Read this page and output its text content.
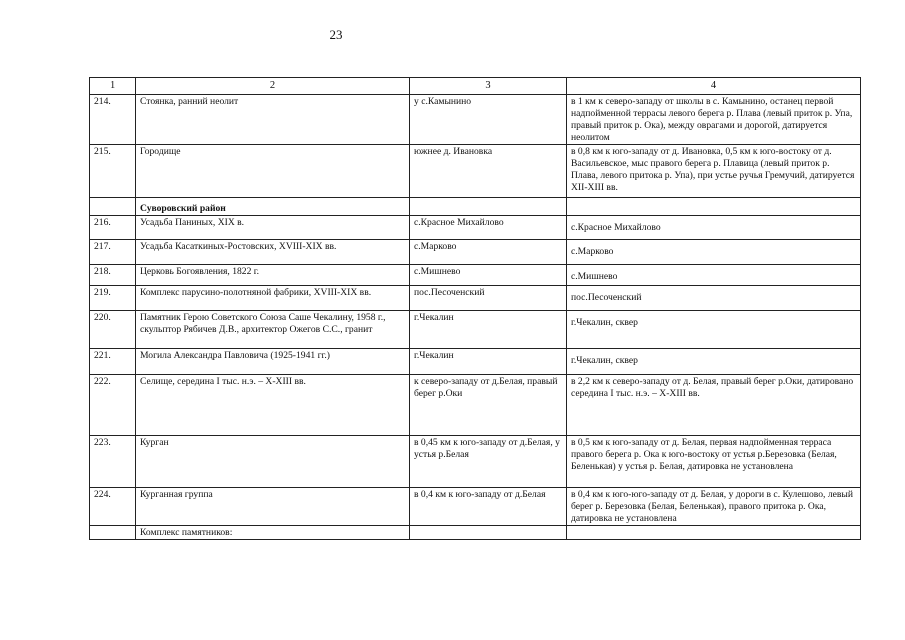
23
1	2	3	4
214.	Стоянка, ранний неолит	у с.Камынино	в 1 км к северо-западу от школы в с. Камынино, останец первой надпойменной террасы левого берега р. Плава (левый приток р. Упа, правый приток р. Ока), между оврагами и дорогой, датируется неолитом
215.	Городище	южнее д. Ивановка	в 0,8 км к юго-западу от д. Ивановка, 0,5 км к юго-востоку от д. Васильевское, мыс правого берега р. Плавица (левый приток р. Плава, левого притока р. Упа), при устье ручья Гремучий, датируется XII-XIII вв.
	Суворовский район		
216.	Усадьба Паниных, XIX в.	с.Красное Михайлово	с.Красное Михайлово

217.	Усадьба Касаткиных-Ростовских, XVIII-XIX вв.	с.Марково	с.Марково

218.	Церковь Богоявления, 1822 г.	с.Мишнево	с.Мишнево

219.	Комплекс парусино-полотняной фабрики, XVIII-XIX вв.	пос.Песоченский	пос.Песоченский

220.	Памятник Герою Советского Союза Саше Чекалину, 1958 г., скульптор Рябичев Д.В., архитектор Ожегов С.С., гранит	г.Чекалин	г.Чекалин, сквер

221.	Могила Александра Павловича (1925-1941 гг.)	г.Чекалин	г.Чекалин, сквер

222.	Селище, середина I тыс. н.э. – X-XIII вв.	к северо-западу от д.Белая, правый берег р.Оки	в 2,2 км к северо-западу от д. Белая, правый берег р.Оки, датировано середина I тыс. н.э. – X-XIII вв.
223.	Курган	в 0,45 км к юго-западу от д.Белая, у устья р.Белая	в 0,5 км к юго-западу от д. Белая, первая надпойменная терраса правого берега р. Ока к юго-востоку от устья р.Березовка (Белая, Беленькая) у устья р. Белая, датировка не установлена
224.	Курганная группа	в 0,4 км к юго-западу от д.Белая	в 0,4 км к юго-юго-западу от д. Белая, у дороги в с. Кулешово, левый берег р. Березовка (Белая, Беленькая), правого притока р. Ока, датировка не установлена
	Комплекс памятников:		
